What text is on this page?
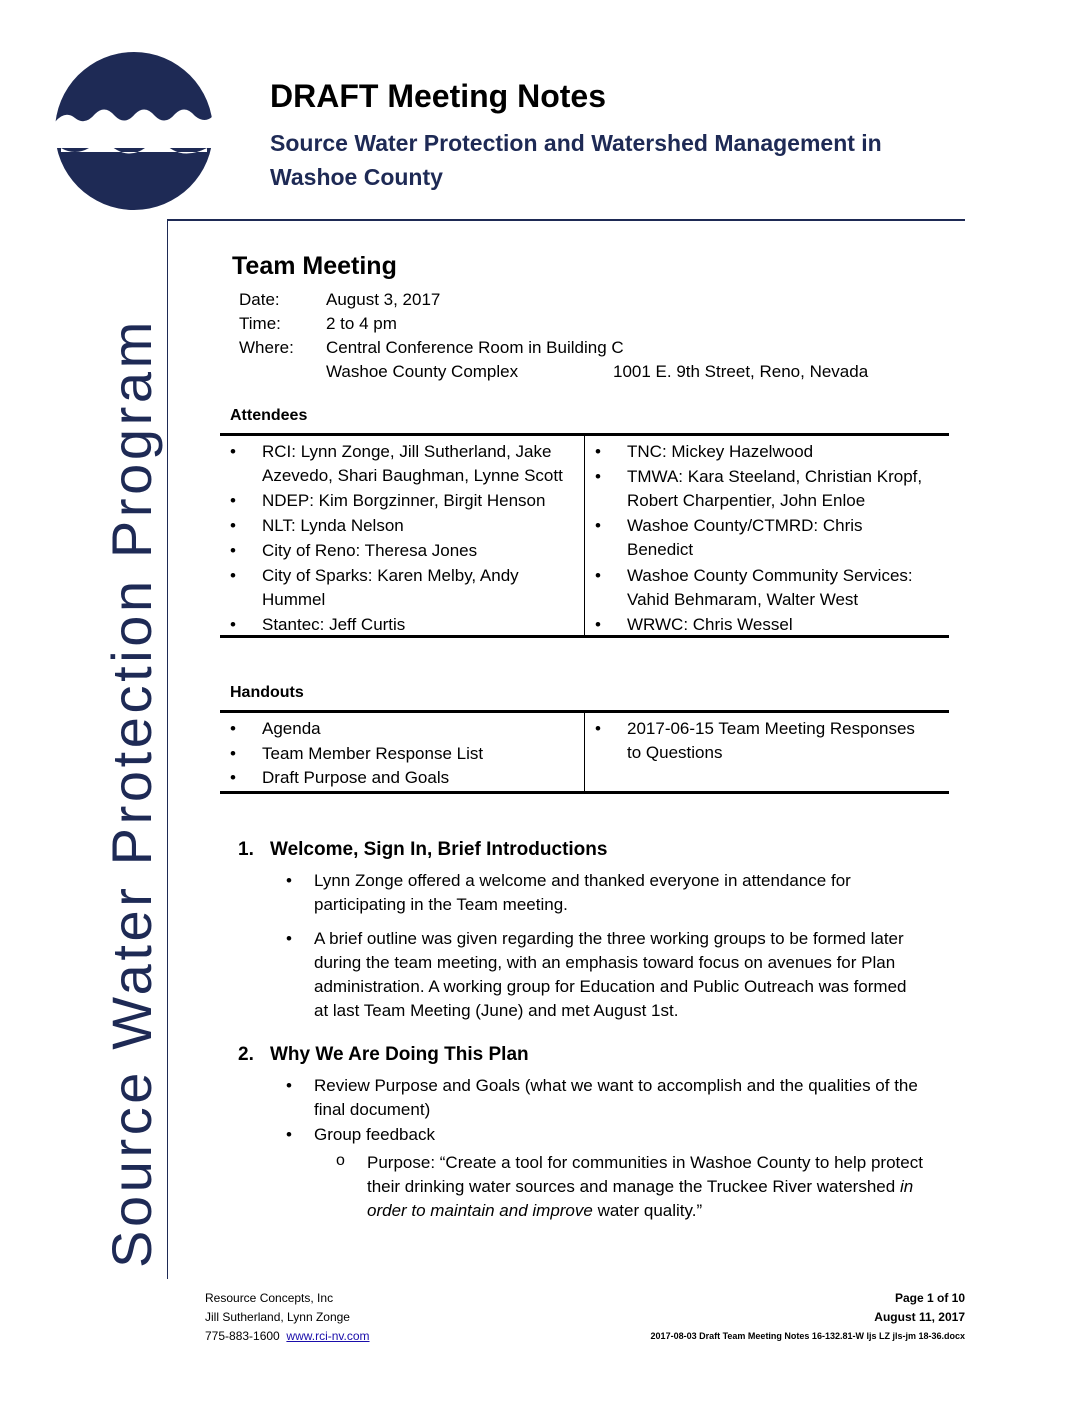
DRAFT Meeting Notes
Source Water Protection and Watershed Management in
Washoe County
Source Water Protection Program
Team Meeting
Date:	August 3, 2017
Time:	2 to 4 pm
Where: Central Conference Room in Building C
Washoe County Complex	1001 E. 9th Street, Reno, Nevada
Attendees
• RCI: Lynn Zonge, Jill Sutherland, Jake
Azevedo, Shari Baughman, Lynne Scott
• NDEP: Kim Borgzinner, Birgit Henson
• NLT: Lynda Nelson
• City of Reno: Theresa Jones
• City of Sparks: Karen Melby, Andy
Hummel
• Stantec: Jeff Curtis
• TNC: Mickey Hazelwood
• TMWA: Kara Steeland, Christian Kropf,
Robert Charpentier, John Enloe
• Washoe County/CTMRD: Chris
Benedict
• Washoe County Community Services:
Vahid Behmaram, Walter West
• WRWC: Chris Wessel
Handouts
• Agenda
• Team Member Response List
• Draft Purpose and Goals
• 2017-06-15 Team Meeting Responses
to Questions
1. Welcome, Sign In, Brief Introductions
• Lynn Zonge offered a welcome and thanked everyone in attendance for
participating in the Team meeting.
• A brief outline was given regarding the three working groups to be formed later
during the team meeting, with an emphasis toward focus on avenues for Plan
administration. A working group for Education and Public Outreach was formed
at last Team Meeting (June) and met August 1st.
2. Why We Are Doing This Plan
• Review Purpose and Goals (what we want to accomplish and the qualities of the
final document)
• Group feedback
o Purpose: “Create a tool for communities in Washoe County to help protect
their drinking water sources and manage the Truckee River watershed in
order to maintain and improve water quality.”
Resource Concepts, Inc
Jill Sutherland, Lynn Zonge
775-883-1600 www.rci-nv.com
Page 1 of 10
August 11, 2017
2017-08-03 Draft Team Meeting Notes 16-132.81-W ljs LZ jls-jm 18-36.docx
